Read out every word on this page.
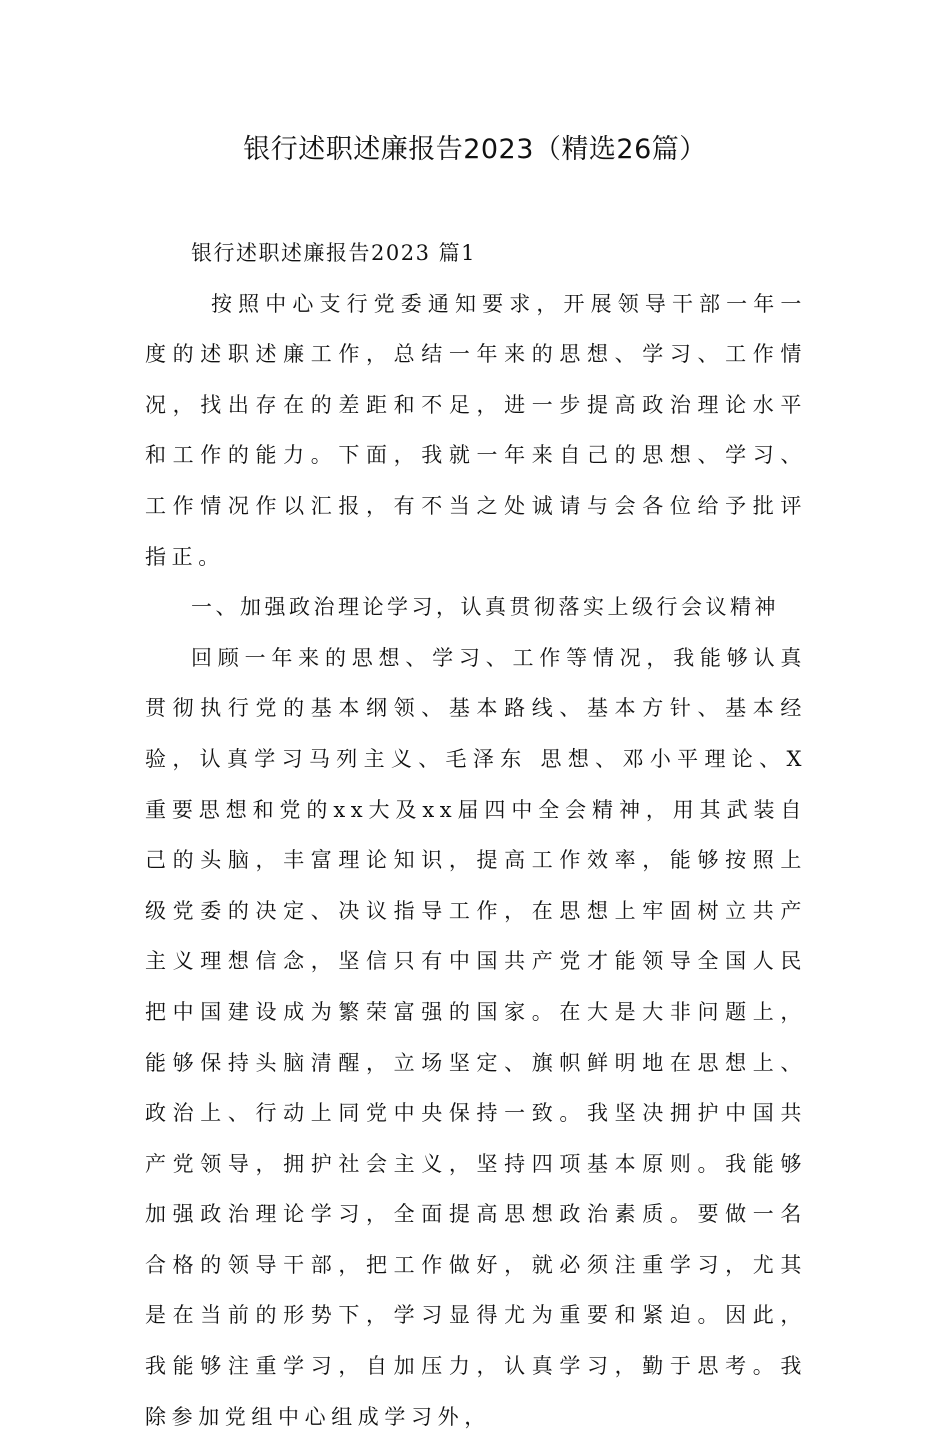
银行述职述廉报告2023（精选26篇）

银行述职述廉报告2023 篇1

按照中心支行党委通知要求，开展领导干部一年一度的述职述廉工作，总结一年来的思想、学习、工作情况，找出存在的差距和不足，进一步提高政治理论水平和工作的能力。下面，我就一年来自己的思想、学习、工作情况作以汇报，有不当之处诚请与会各位给予批评指正。

一、加强政治理论学习，认真贯彻落实上级行会议精神

回顾一年来的思想、学习、工作等情况，我能够认真贯彻执行党的基本纲领、基本路线、基本方针、基本经验，认真学习马列主义、毛泽东 思想、邓小平理论、X重要思想和党的xx大及xx届四中全会精神，用其武装自己的头脑，丰富理论知识，提高工作效率，能够按照上级党委的决定、决议指导工作，在思想上牢固树立共产主义理想信念，坚信只有中国共产党才能领导全国人民把中国建设成为繁荣富强的国家。在大是大非问题上，能够保持头脑清醒，立场坚定、旗帜鲜明地在思想上、政治上、行动上同党中央保持一致。我坚决拥护中国共产党领导，拥护社会主义，坚持四项基本原则。我能够加强政治理论学习，全面提高思想政治素质。要做一名合格的领导干部，把工作做好，就必须注重学习，尤其是在当前的形势下，学习显得尤为重要和紧迫。因此，我能够注重学习，自加压力，认真学习，勤于思考。我除参加党组中心组成学习外，
